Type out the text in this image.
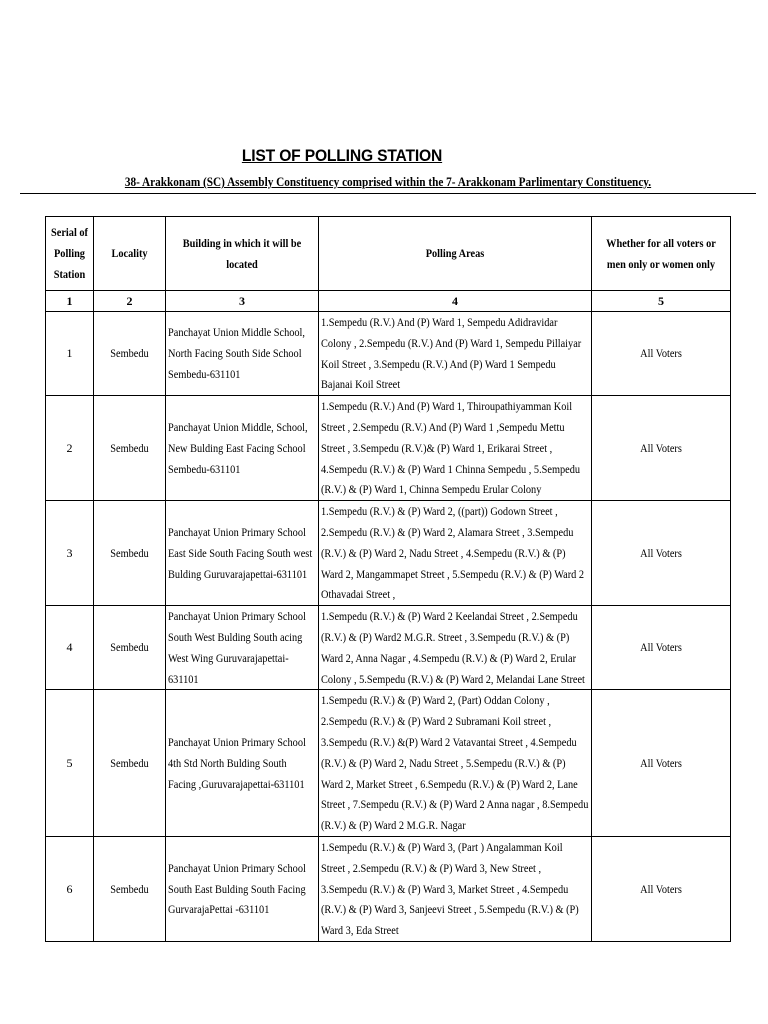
LIST OF POLLING STATION
38- Arakkonam (SC) Assembly Constituency comprised within the 7- Arakkonam Parlimentary Constituency.
Serial of Polling Station	Locality	Building in which it will be located	Polling Areas	Whether for all voters or men only or women only

1	2	3	4	5
1	Sembedu	Panchayat Union Middle School, North Facing South Side School Sembedu-631101	1.Sempedu (R.V.) And (P) Ward 1, Sempedu Adidravidar Colony , 2.Sempedu (R.V.) And (P) Ward 1, Sempedu Pillaiyar Koil Street , 3.Sempedu (R.V.) And (P) Ward 1 Sempedu Bajanai Koil Street	All Voters

2	Sembedu	Panchayat Union Middle, School, New Bulding East Facing School Sembedu-631101	1.Sempedu (R.V.) And (P) Ward 1, Thiroupathiyamman Koil Street , 2.Sempedu (R.V.) And (P) Ward 1 ,Sempedu Mettu Street , 3.Sempedu (R.V.)& (P) Ward 1, Erikarai Street , 4.Sempedu (R.V.) & (P) Ward 1 Chinna Sempedu , 5.Sempedu (R.V.) & (P) Ward 1, Chinna Sempedu Erular Colony	All Voters

3	Sembedu	Panchayat Union Primary School East Side South Facing South west Bulding Guruvarajapettai-631101	1.Sempedu (R.V.) & (P) Ward 2, ((part)) Godown Street , 2.Sempedu (R.V.) & (P) Ward 2, Alamara Street , 3.Sempedu (R.V.) & (P) Ward 2, Nadu Street , 4.Sempedu (R.V.) & (P) Ward 2, Mangammapet Street , 5.Sempedu (R.V.) & (P) Ward 2 Othavadai Street ,	All Voters

4	Sembedu	Panchayat Union Primary School South West Bulding South acing West Wing Guruvarajapettai-631101	1.Sempedu (R.V.) & (P) Ward 2 Keelandai Street , 2.Sempedu (R.V.) & (P) Ward2 M.G.R. Street , 3.Sempedu (R.V.) & (P) Ward 2, Anna Nagar , 4.Sempedu (R.V.) & (P) Ward 2, Erular Colony , 5.Sempedu (R.V.) & (P) Ward 2, Melandai Lane Street	All Voters

5	Sembedu	Panchayat Union Primary School 4th Std North Bulding South Facing ,Guruvarajapettai-631101	1.Sempedu (R.V.) & (P) Ward 2, (Part) Oddan Colony , 2.Sempedu (R.V.) & (P) Ward 2 Subramani Koil street , 3.Sempedu (R.V.) &(P) Ward 2 Vatavantai Street , 4.Sempedu (R.V.) & (P) Ward 2, Nadu Street , 5.Sempedu (R.V.) & (P) Ward 2, Market Street , 6.Sempedu (R.V.) & (P) Ward 2, Lane Street , 7.Sempedu (R.V.) & (P) Ward 2 Anna nagar , 8.Sempedu (R.V.) & (P) Ward 2 M.G.R. Nagar	All Voters

6	Sembedu	Panchayat Union Primary School South East Bulding South Facing GurvarajaPettai -631101	1.Sempedu (R.V.) & (P) Ward 3, (Part ) Angalamman Koil Street , 2.Sempedu (R.V.) & (P) Ward 3, New Street , 3.Sempedu (R.V.) & (P) Ward 3, Market Street , 4.Sempedu (R.V.) & (P) Ward 3, Sanjeevi Street , 5.Sempedu (R.V.) & (P) Ward 3, Eda Street	All Voters
